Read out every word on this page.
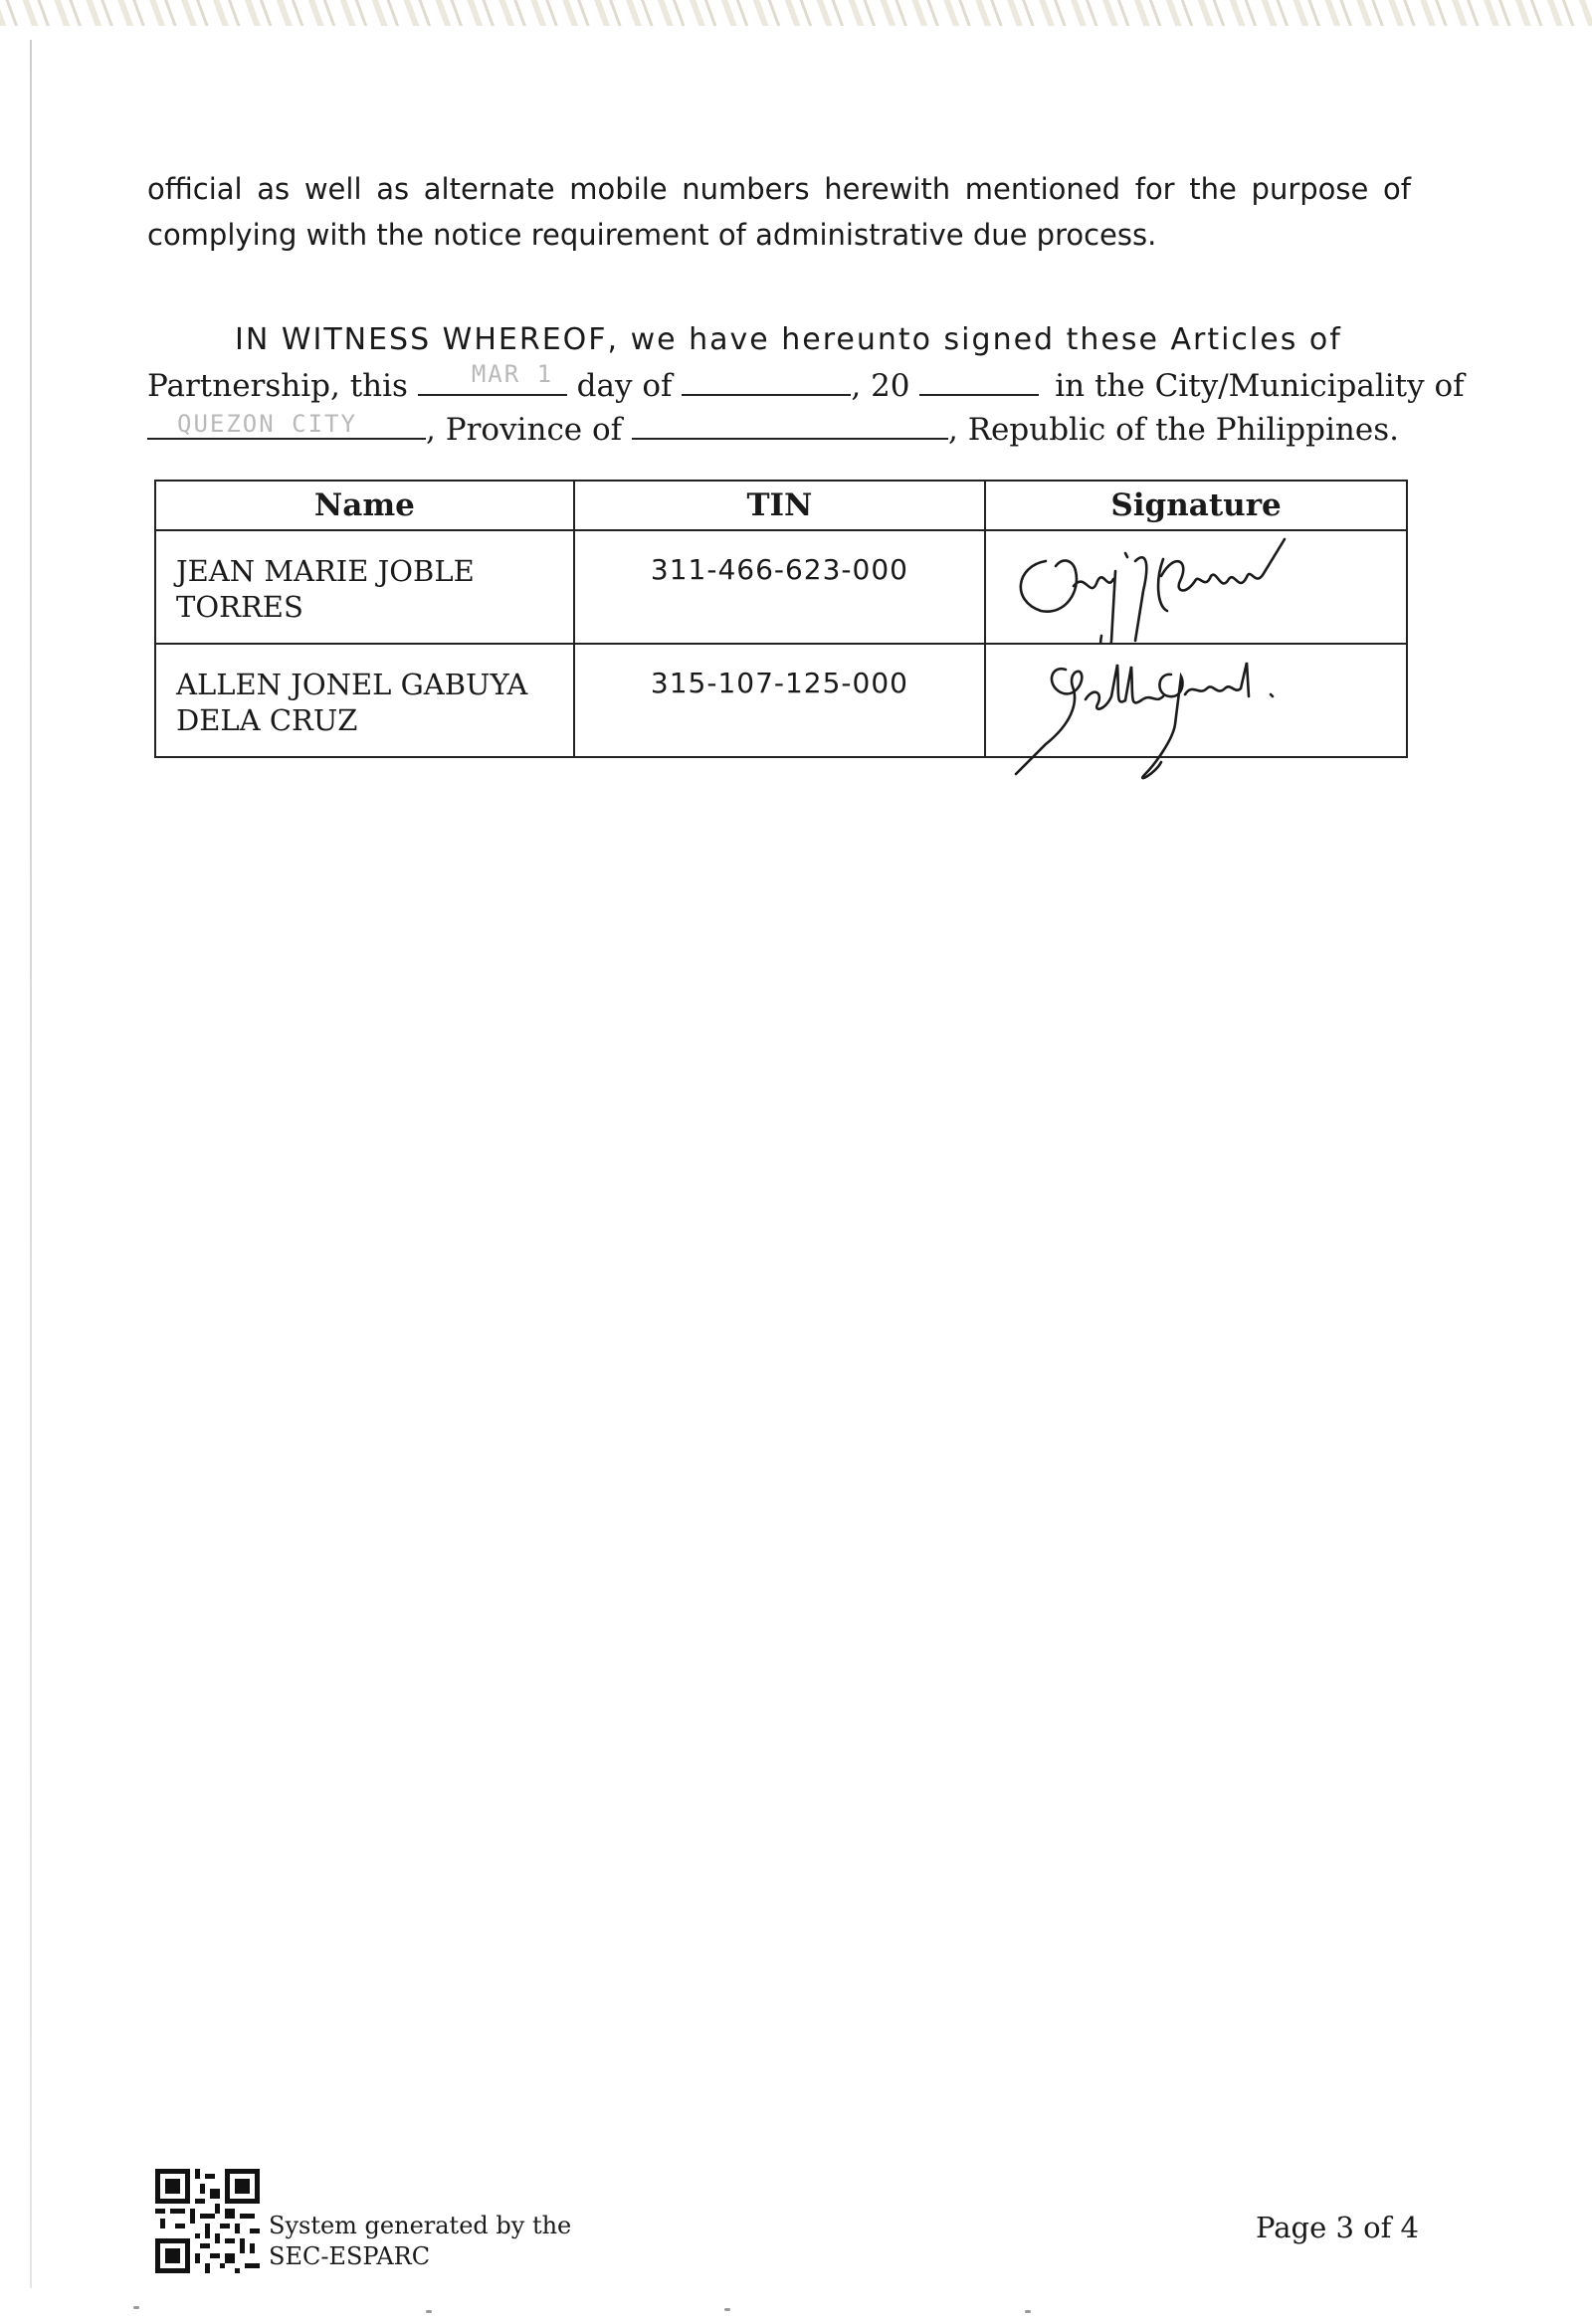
official as well as alternate mobile numbers herewith mentioned for the purpose of complying with the notice requirement of administrative due process.

IN WITNESS WHEREOF, we have hereunto signed these Articles of
Partnership, this	MAR 1 day of	, 20	in the City/Municipality of
QUEZON CITY , Province of	, Republic of the Philippines.
Name	TIN	Signature

JEAN MARIE JOBLE
TORRES	311-466-623-000	

ALLEN JONEL GABUYA
DELA CRUZ	315-107-125-000	
System generated by the
SEC-ESPARC
Page 3 of 4
